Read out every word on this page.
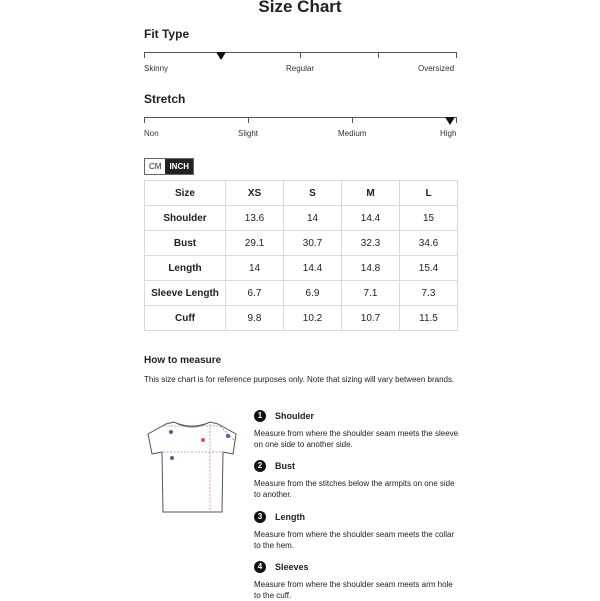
Size Chart
Fit Type
Skinny	Regular	Oversized
Stretch
Non	Slight	Medium	High
CM	INCH
Size	XS	S	M	L
Shoulder	13.6	14	14.4	15
Bust	29.1	30.7	32.3	34.6
Length	14	14.4	14.8	15.4
Sleeve Length	6.7	6.9	7.1	7.3
Cuff	9.8	10.2	10.7	11.5
How to measure
This size chart is for reference purposes only. Note that sizing will vary between brands.
1	Shoulder
Measure from where the shoulder seam meets the sleeve on one side to another side.
2	Bust
Measure from the stitches below the armpits on one side to another.
3	Length
Measure from where the shoulder seam meets the collar to the hem.
4	Sleeves
Measure from where the shoulder seam meets arm hole to the cuff.
